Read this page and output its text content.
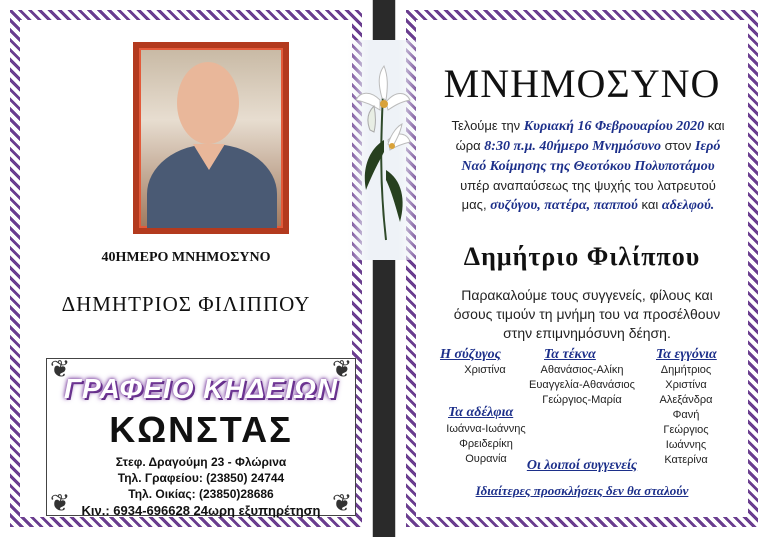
40ΗΜΕΡΟ ΜΝΗΜΟΣΥΝΟ
ΔΗΜΗΤΡΙΟΣ ΦΙΛΙΠΠΟΥ
❦	❦
❦	❦
ΓΡΑΦΕΙΟ ΚΗΔΕΙΩΝ
ΚΩΝΣΤΑΣ
Στεφ. Δραγούμη 23 - Φλώρινα
Τηλ. Γραφείου: (23850) 24744
Τηλ. Οικίας: (23850)28686
Κιν.: 6934-696628 24ωρη εξυπηρέτηση
ΜΝΗΜΟΣΥΝΟ
Τελούμε την Κυριακή 16 Φεβρουαρίου 2020 και ώρα 8:30 π.μ. 40ήμερο Μνημόσυνο στον Ιερό Ναό Κοίμησης της Θεοτόκου Πολυποτάμου υπέρ αναπαύσεως της ψυχής του λατρευτού μας, συζύγου, πατέρα, παππού και αδελφού.
Δημήτριο Φιλίππου
Παρακαλούμε τους συγγενείς, φίλους και όσους τιμούν τη μνήμη του να προσέλθουν στην επιμνημόσυνη δέηση.
Η σύζυγος
Χριστίνα
Τα τέκνα
Αθανάσιος-Αλίκη
Ευαγγελία-Αθανάσιος
Γεώργιος-Μαρία
Τα εγγόνια
Δημήτριος
Χριστίνα
Αλεξάνδρα
Φανή
Γεώργιος
Ιωάννης
Κατερίνα
Τα αδέλφια
Ιωάννα-Ιωάννης
Φρειδερίκη
Ουρανία	Οι λοιποί συγγενείς
Ιδιαίτερες προσκλήσεις δεν θα σταλούν
